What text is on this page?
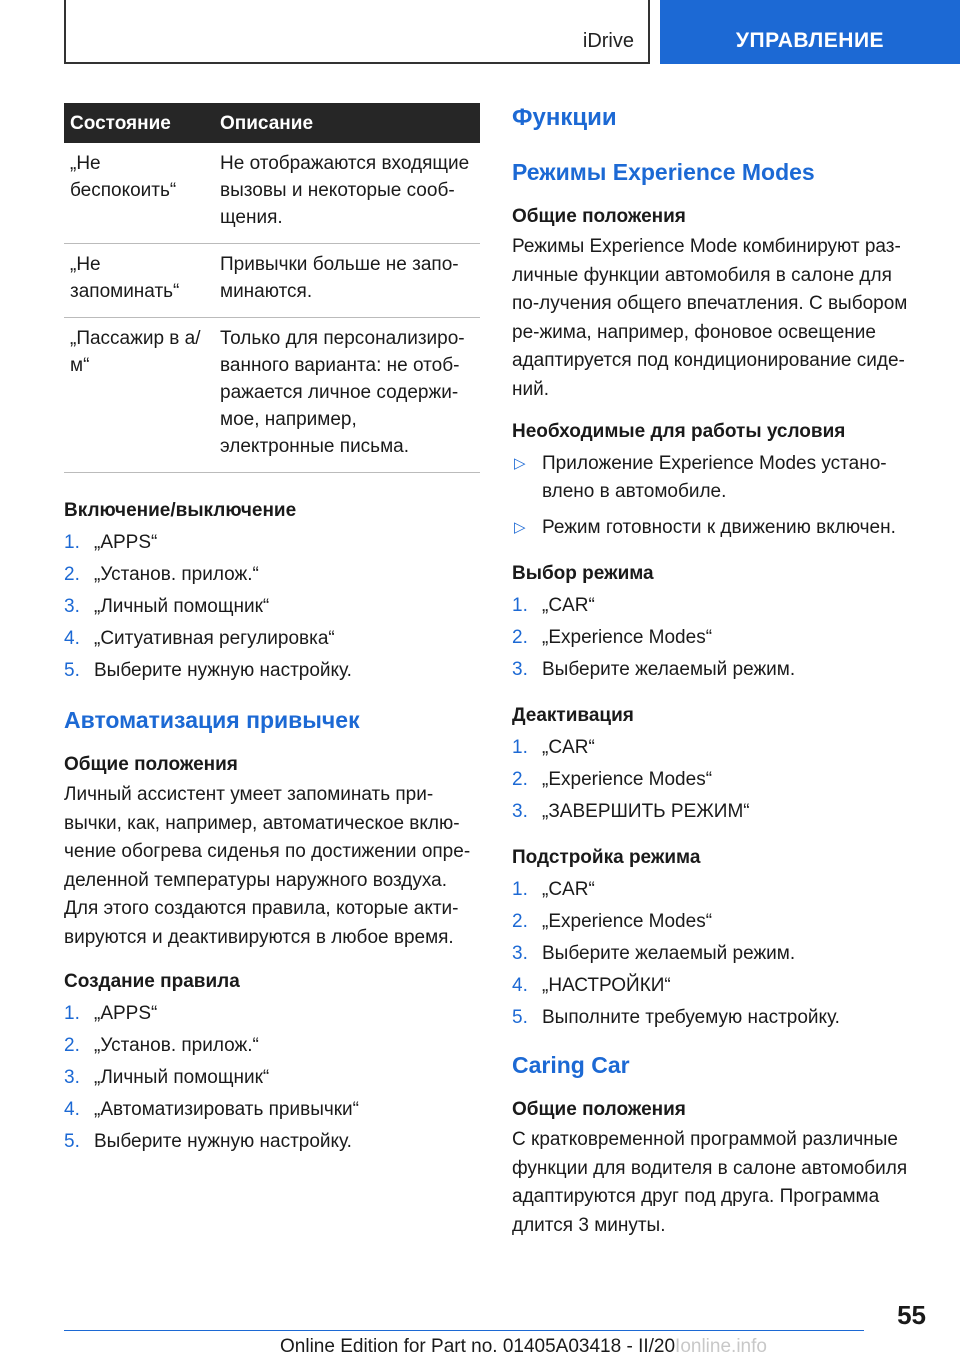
iDrive	УПРАВЛЕНИЕ
Состояние	Описание
„Не беспокоить“	Не отображаются входящие вызовы и некоторые сооб-щения.
„Не запоминать“	Привычки больше не запо-минаются.
„Пассажир в а/м“	Только для персонализиро-ванного варианта: не отоб-ражается личное содержи-мое, например, электронные письма.
Включение/выключение
1. „APPS“
2. „Установ. прилож.“
3. „Личный помощник“
4. „Ситуативная регулировка“
5. Выберите нужную настройку.
Автоматизация привычек
Общие положения

Личный ассистент умеет запоминать при-вычки, как, например, автоматическое вклю-чение обогрева сиденья по достижении опре-деленной температуры наружного воздуха. Для этого создаются правила, которые акти-вируются и деактивируются в любое время.

Создание правила
1. „APPS“
2. „Установ. прилож.“
3. „Личный помощник“
4. „Автоматизировать привычки“
5. Выберите нужную настройку.
Функции
Режимы Experience Modes
Общие положения

Режимы Experience Mode комбинируют раз-личные функции автомобиля в салоне для по-лучения общего впечатления. С выбором ре-жима, например, фоновое освещение адаптируется под кондиционирование сиде-ний.

Необходимые для работы условия
▷ Приложение Experience Modes устано-влено в автомобиле.
▷ Режим готовности к движению включен.
Выбор режима
1. „CAR“
2. „Experience Modes“
3. Выберите желаемый режим.
Деактивация
1. „CAR“
2. „Experience Modes“
3. „ЗАВЕРШИТЬ РЕЖИМ“
Подстройка режима
1. „CAR“
2. „Experience Modes“
3. Выберите желаемый режим.
4. „НАСТРОЙКИ“
5. Выполните требуемую настройку.
Caring Car
Общие положения

С кратковременной программой различные функции для водителя в салоне автомобиля адаптируются друг под друга. Программа длится 3 минуты.

55
Online Edition for Part no. 01405A03418 - II/20Ionline.info
